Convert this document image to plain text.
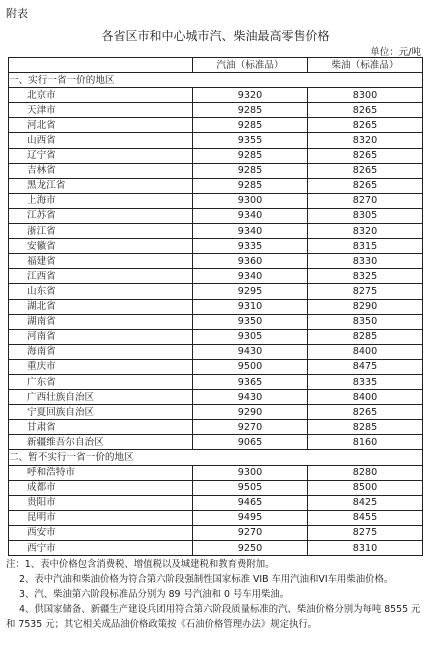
附表
各省区市和中心城市汽、柴油最高零售价格
单位：元/吨
	汽油（标准品）	柴油（标准品）
一、实行一省一价的地区		
北京市	9320	8300
天津市	9285	8265
河北省	9285	8265
山西省	9355	8320
辽宁省	9285	8265
吉林省	9285	8265
黑龙江省	9285	8265
上海市	9300	8270
江苏省	9340	8305
浙江省	9340	8320
安徽省	9335	8315
福建省	9360	8330
江西省	9340	8325
山东省	9295	8275
湖北省	9310	8290
湖南省	9350	8350
河南省	9305	8285
海南省	9430	8400
重庆市	9500	8475
广东省	9365	8335
广西壮族自治区	9430	8400
宁夏回族自治区	9290	8265
甘肃省	9270	8285
新疆维吾尔自治区	9065	8160
二、暂不实行一省一价的地区		
呼和浩特市	9300	8280
成都市	9505	8500
贵阳市	9465	8425
昆明市	9495	8455
西安市	9270	8275
西宁市	9250	8310

注：1、表中价格包含消费税、增值税以及城建税和教育费附加。

2、表中汽油和柴油价格为符合第六阶段强制性国家标准 VIB 车用汽油和VI车用柴油价格。

3、汽、柴油第六阶段标准品分别为 89 号汽油和 0 号车用柴油。

4、供国家储备、新疆生产建设兵团用符合第六阶段质量标准的汽、柴油价格分别为每吨 8555 元和 7535 元；其它相关成品油价格政策按《石油价格管理办法》规定执行。
